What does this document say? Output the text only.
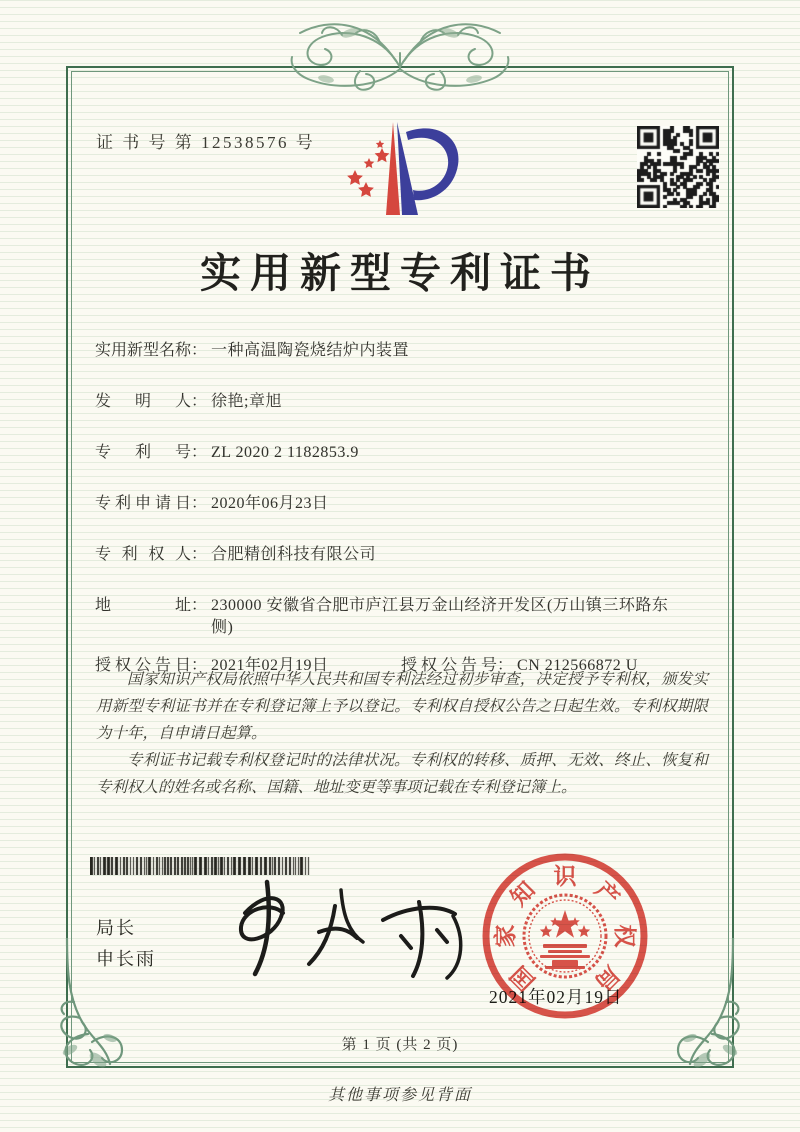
证 书 号 第 12538576 号
实用新型专利证书
实用新型名称： 一种高温陶瓷烧结炉内装置
发明人： 徐艳;章旭
专利号： ZL 2020 2 1182853.9
专利申请日： 2020年06月23日
专利权人： 合肥精创科技有限公司
地址： 230000 安徽省合肥市庐江县万金山经济开发区(万山镇三环路东侧)
授权公告日： 2021年02月19日	授权公告号： CN 212566872 U

国家知识产权局依照中华人民共和国专利法经过初步审查，决定授予专利权，颁发实用新型专利证书并在专利登记簿上予以登记。专利权自授权公告之日起生效。专利权期限为十年，自申请日起算。

专利证书记载专利权登记时的法律状况。专利权的转移、质押、无效、终止、恢复和专利权人的姓名或名称、国籍、地址变更等事项记载在专利登记簿上。

局长
申长雨
2021年02月19日
国
家
知
识
产
权
局
第 1 页 (共 2 页)
其他事项参见背面
